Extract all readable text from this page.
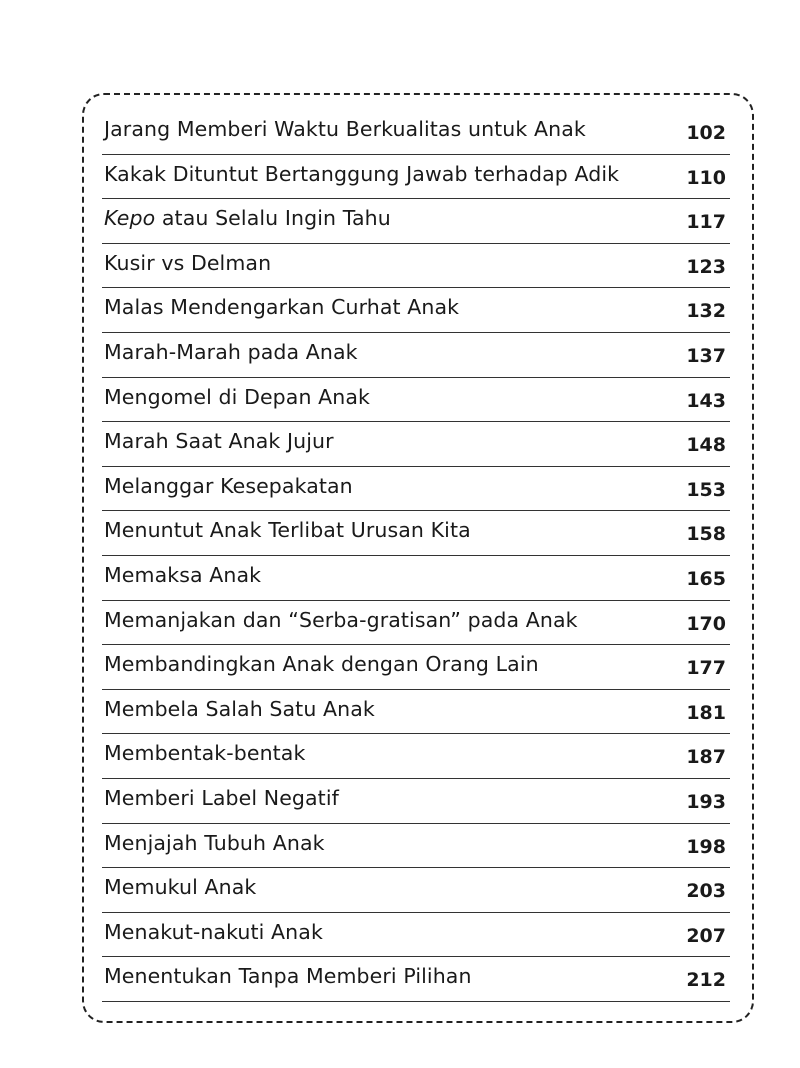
Jarang Memberi Waktu Berkualitas untuk Anak	102
Kakak Dituntut Bertanggung Jawab terhadap Adik	110
Kepo atau Selalu Ingin Tahu	117
Kusir vs Delman	123
Malas Mendengarkan Curhat Anak	132
Marah-Marah pada Anak	137
Mengomel di Depan Anak	143
Marah Saat Anak Jujur	148
Melanggar Kesepakatan	153
Menuntut Anak Terlibat Urusan Kita	158
Memaksa Anak	165
Memanjakan dan “Serba-gratisan” pada Anak	170
Membandingkan Anak dengan Orang Lain	177
Membela Salah Satu Anak	181
Membentak-bentak	187
Memberi Label Negatif	193
Menjajah Tubuh Anak	198
Memukul Anak	203
Menakut-nakuti Anak	207
Menentukan Tanpa Memberi Pilihan	212
